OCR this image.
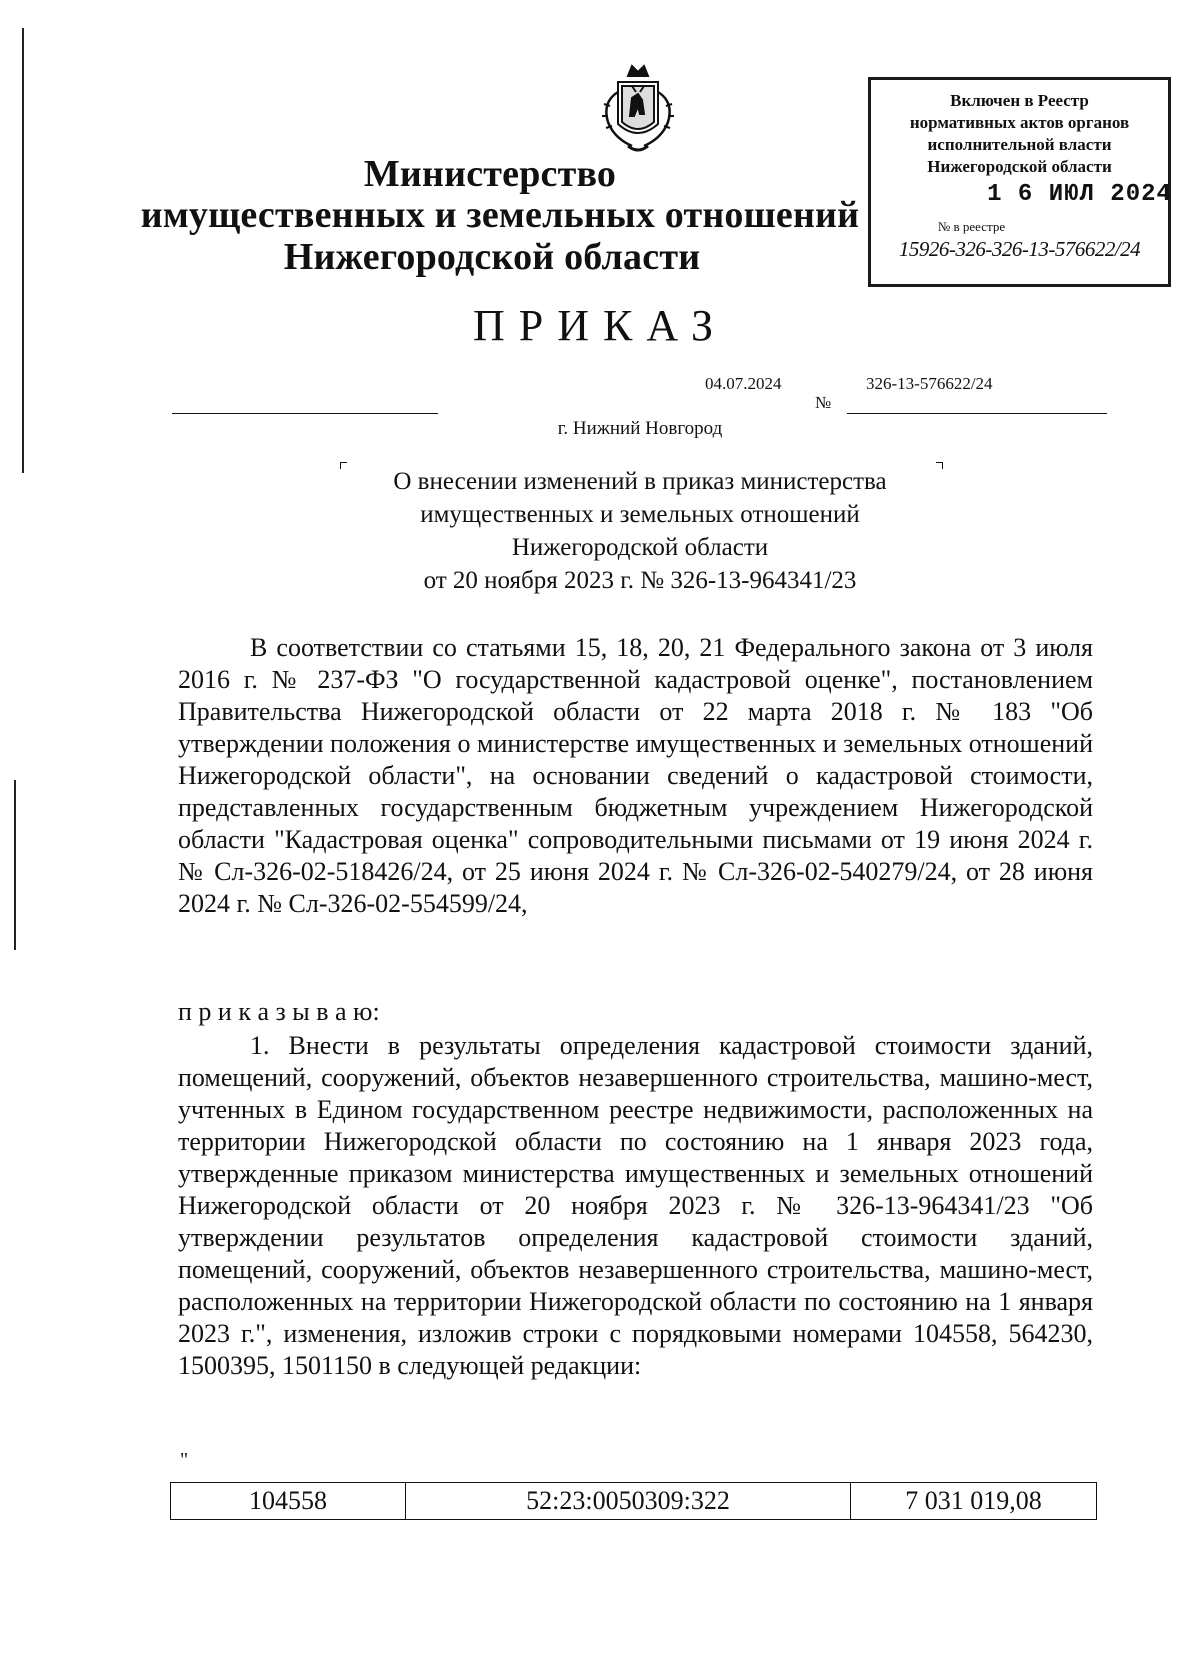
Министерство
имущественных и земельных отношений
Нижегородской области
Включен в Реестр
нормативных актов органов
исполнительной власти
Нижегородской области
1 6 ИЮЛ 2024
№ в реестре
15926-326-326-13-576622/24
ПРИКАЗ
04.07.2024	326-13-576622/24
№
г. Нижний Новгород
О внесении изменений в приказ министерства
имущественных и земельных отношений
Нижегородской области
от 20 ноября 2023 г. № 326-13-964341/23
В соответствии со статьями 15, 18, 20, 21 Федерального закона от 3 июля 2016 г. № 237-ФЗ "О государственной кадастровой оценке", постановлением Правительства Нижегородской области от 22 марта 2018 г. № 183 "Об утверждении положения о министерстве имущественных и земельных отношений Нижегородской области", на основании сведений о кадастровой стоимости, представленных государственным бюджетным учреждением Нижегородской области "Кадастровая оценка" сопроводительными письмами от 19 июня 2024 г. № Сл-326-02-518426/24, от 25 июня 2024 г. № Сл-326-02-540279/24, от 28 июня 2024 г. № Сл-326-02-554599/24,
п р и к а з ы в а ю:
1. Внести в результаты определения кадастровой стоимости зданий, помещений, сооружений, объектов незавершенного строительства, машино-мест, учтенных в Едином государственном реестре недвижимости, расположенных на территории Нижегородской области по состоянию на 1 января 2023 года, утвержденные приказом министерства имущественных и земельных отношений Нижегородской области от 20 ноября 2023 г. № 326-13-964341/23 "Об утверждении результатов определения кадастровой стоимости зданий, помещений, сооружений, объектов незавершенного строительства, машино-мест, расположенных на территории Нижегородской области по состоянию на 1 января 2023 г.", изменения, изложив строки с порядковыми номерами 104558, 564230, 1500395, 1501150 в следующей редакции:
"
104558	52:23:0050309:322	7 031 019,08
